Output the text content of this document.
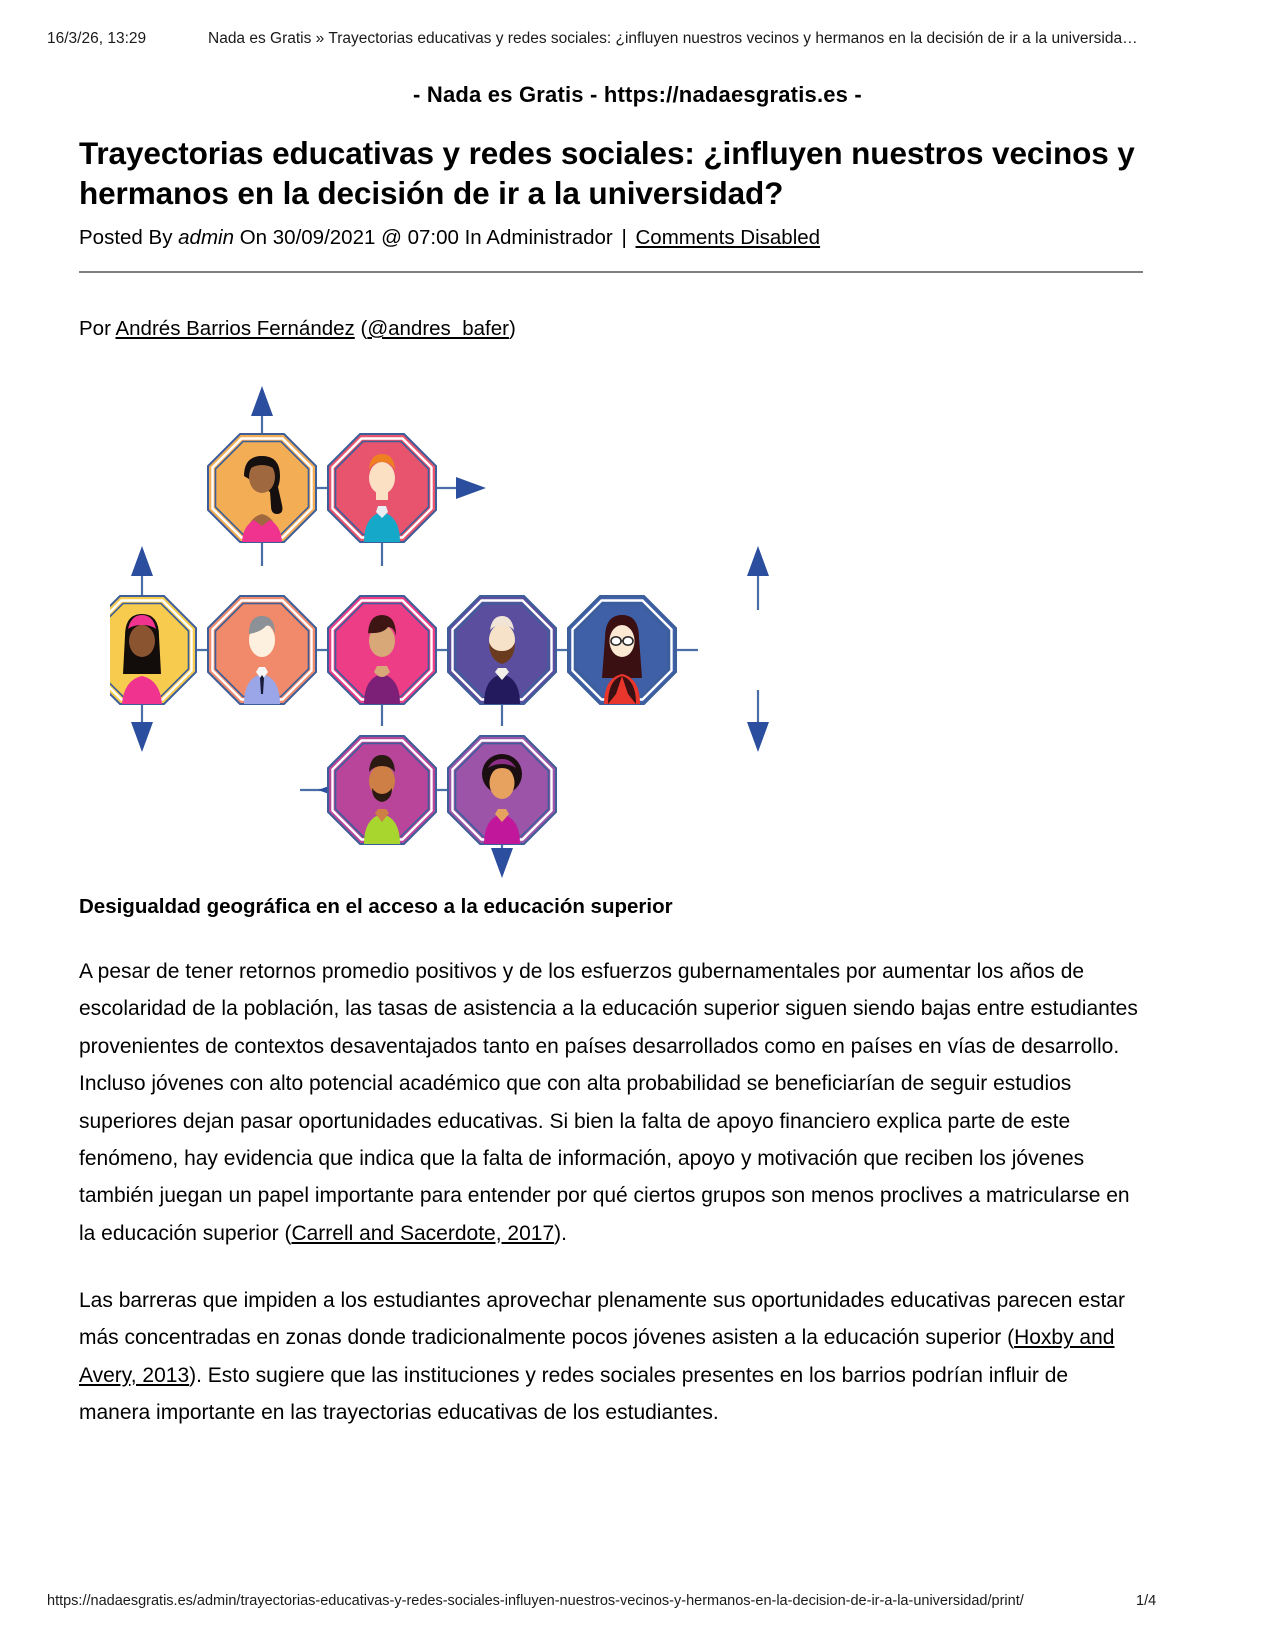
16/3/26, 13:29	Nada es Gratis » Trayectorias educativas y redes sociales: ¿influyen nuestros vecinos y hermanos en la decisión de ir a la universida…
- Nada es Gratis - https://nadaesgratis.es -
Trayectorias educativas y redes sociales: ¿influyen nuestros vecinos y hermanos en la decisión de ir a la universidad?
Posted By admin On 30/09/2021 @ 07:00 In Administrador | Comments Disabled
Por Andrés Barrios Fernández (@andres_bafer)
Desigualdad geográfica en el acceso a la educación superior

A pesar de tener retornos promedio positivos y de los esfuerzos gubernamentales por aumentar los años de escolaridad de la población, las tasas de asistencia a la educación superior siguen siendo bajas entre estudiantes provenientes de contextos desaventajados tanto en países desarrollados como en países en vías de desarrollo. Incluso jóvenes con alto potencial académico que con alta probabilidad se beneficiarían de seguir estudios superiores dejan pasar oportunidades educativas. Si bien la falta de apoyo financiero explica parte de este fenómeno, hay evidencia que indica que la falta de información, apoyo y motivación que reciben los jóvenes también juegan un papel importante para entender por qué ciertos grupos son menos proclives a matricularse en la educación superior (Carrell and Sacerdote, 2017).

Las barreras que impiden a los estudiantes aprovechar plenamente sus oportunidades educativas parecen estar más concentradas en zonas donde tradicionalmente pocos jóvenes asisten a la educación superior (Hoxby and Avery, 2013). Esto sugiere que las instituciones y redes sociales presentes en los barrios podrían influir de manera importante en las trayectorias educativas de los estudiantes.

https://nadaesgratis.es/admin/trayectorias-educativas-y-redes-sociales-influyen-nuestros-vecinos-y-hermanos-en-la-decision-de-ir-a-la-universidad/print/	1/4
